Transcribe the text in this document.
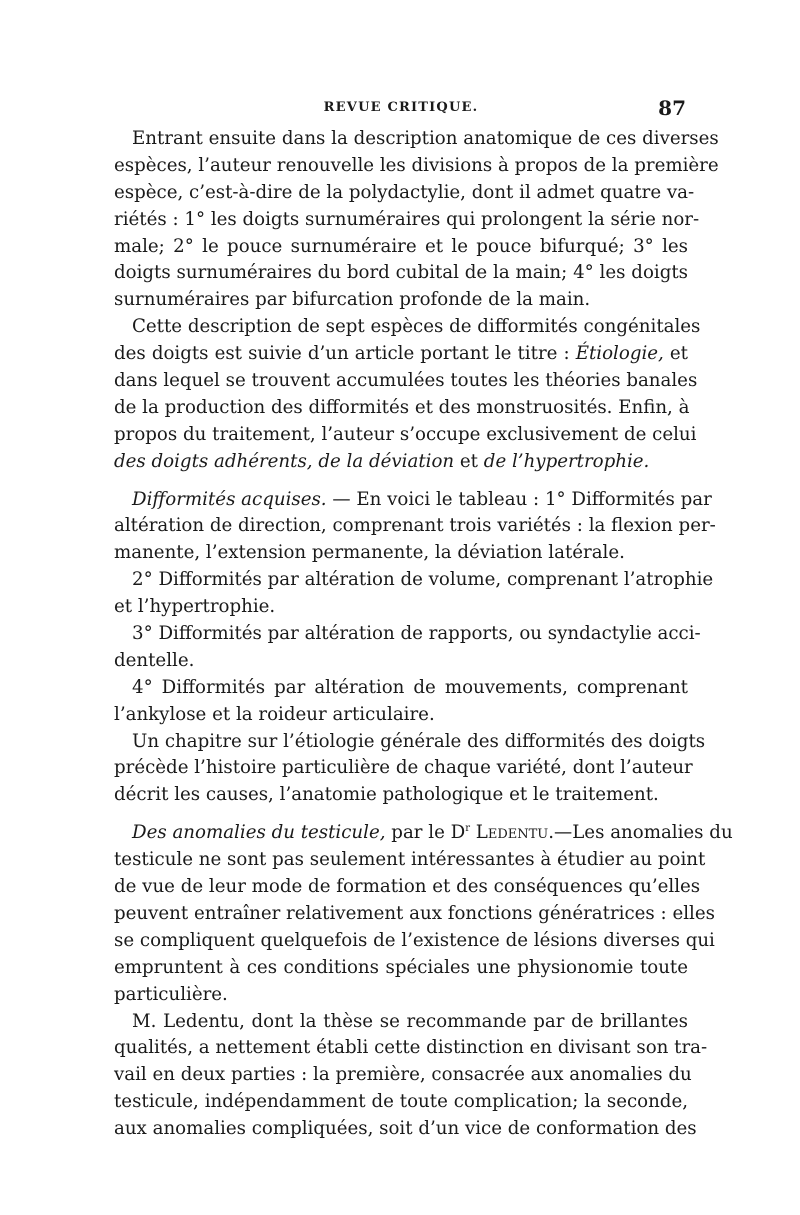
REVUE CRITIQUE.	87
Entrant ensuite dans la description anatomique de ces diverses
espèces, l’auteur renouvelle les divisions à propos de la première
espèce, c’est-à-dire de la polydactylie, dont il admet quatre va-
riétés : 1° les doigts surnuméraires qui prolongent la série nor-
male; 2° le pouce surnuméraire et le pouce bifurqué; 3° les
doigts surnuméraires du bord cubital de la main; 4° les doigts
surnuméraires par bifurcation profonde de la main.
Cette description de sept espèces de difformités congénitales
des doigts est suivie d’un article portant le titre : Étiologie, et
dans lequel se trouvent accumulées toutes les théories banales
de la production des difformités et des monstruosités. Enfin, à
propos du traitement, l’auteur s’occupe exclusivement de celui
des doigts adhérents, de la déviation et de l’hypertrophie.
Difformités acquises. — En voici le tableau : 1° Difformités par
altération de direction, comprenant trois variétés : la flexion per-
manente, l’extension permanente, la déviation latérale.
2° Difformités par altération de volume, comprenant l’atrophie
et l’hypertrophie.
3° Difformités par altération de rapports, ou syndactylie acci-
dentelle.
4° Difformités par altération de mouvements, comprenant
l’ankylose et la roideur articulaire.
Un chapitre sur l’étiologie générale des difformités des doigts
précède l’histoire particulière de chaque variété, dont l’auteur
décrit les causes, l’anatomie pathologique et le traitement.
Des anomalies du testicule, par le $D^r$ Ledentu.—Les anomalies du
testicule ne sont pas seulement intéressantes à étudier au point
de vue de leur mode de formation et des conséquences qu’elles
peuvent entraîner relativement aux fonctions génératrices : elles
se compliquent quelquefois de l’existence de lésions diverses qui
empruntent à ces conditions spéciales une physionomie toute
particulière.
M. Ledentu, dont la thèse se recommande par de brillantes
qualités, a nettement établi cette distinction en divisant son tra-
vail en deux parties : la première, consacrée aux anomalies du
testicule, indépendamment de toute complication; la seconde,
aux anomalies compliquées, soit d’un vice de conformation des
